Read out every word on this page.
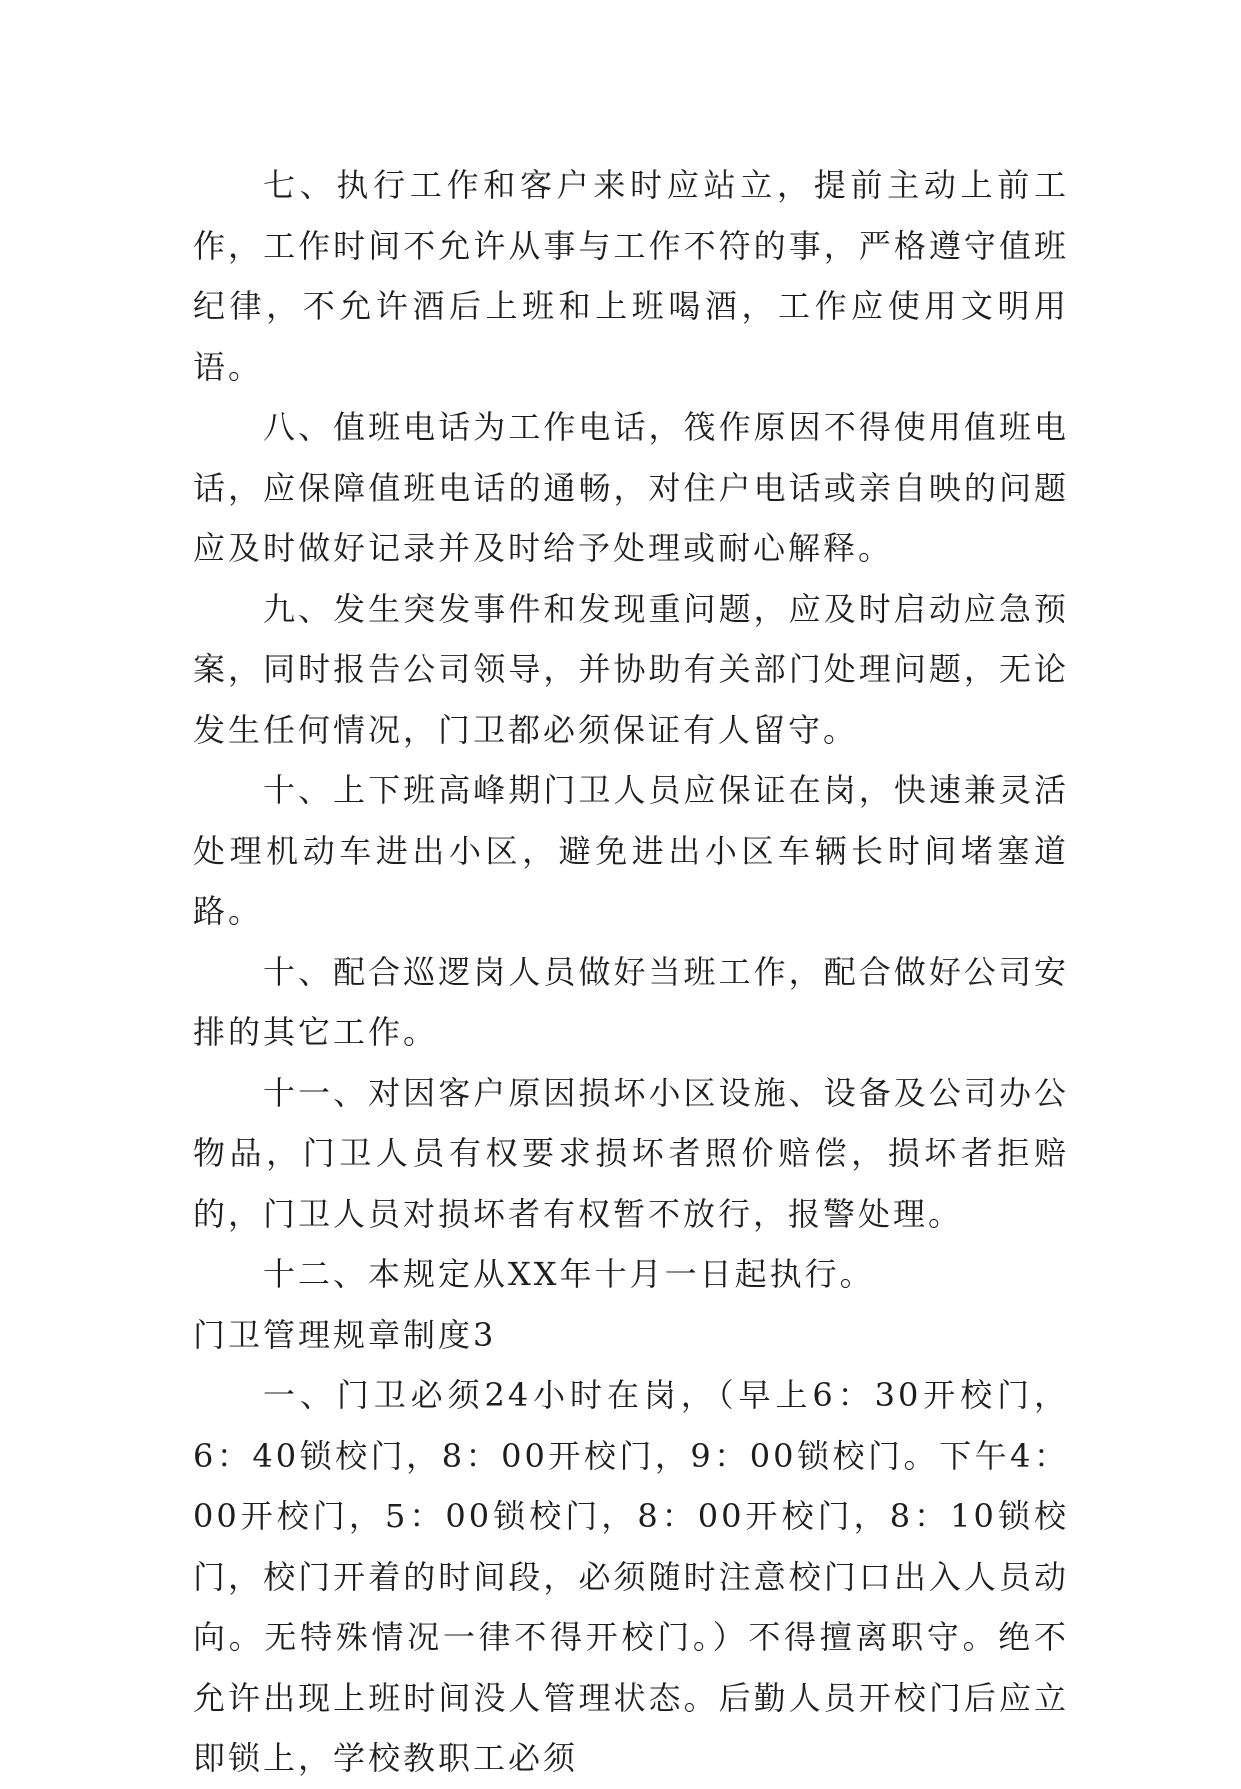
七、执行工作和客户来时应站立，提前主动上前工作，工作时间不允许从事与工作不符的事，严格遵守值班纪律，不允许酒后上班和上班喝酒，工作应使用文明用语。

八、值班电话为工作电话，筏作原因不得使用值班电话，应保障值班电话的通畅，对住户电话或亲自映的问题应及时做好记录并及时给予处理或耐心解释。

九、发生突发事件和发现重问题，应及时启动应急预案，同时报告公司领导，并协助有关部门处理问题，无论发生任何情况，门卫都必须保证有人留守。

十、上下班高峰期门卫人员应保证在岗，快速兼灵活处理机动车进出小区，避免进出小区车辆长时间堵塞道路。

十、配合巡逻岗人员做好当班工作，配合做好公司安排的其它工作。

十一、对因客户原因损坏小区设施、设备及公司办公物品，门卫人员有权要求损坏者照价赔偿，损坏者拒赔的，门卫人员对损坏者有权暂不放行，报警处理。

十二、本规定从XX年十月一日起执行。

门卫管理规章制度3

一、门卫必须24小时在岗，（早上6：30开校门，6：40锁校门，8：00开校门，9：00锁校门。下午4：00开校门，5：00锁校门，8：00开校门，8：10锁校门，校门开着的时间段，必须随时注意校门口出入人员动向。无特殊情况一律不得开校门。）不得擅离职守。绝不允许出现上班时间没人管理状态。后勤人员开校门后应立即锁上，学校教职工必须
